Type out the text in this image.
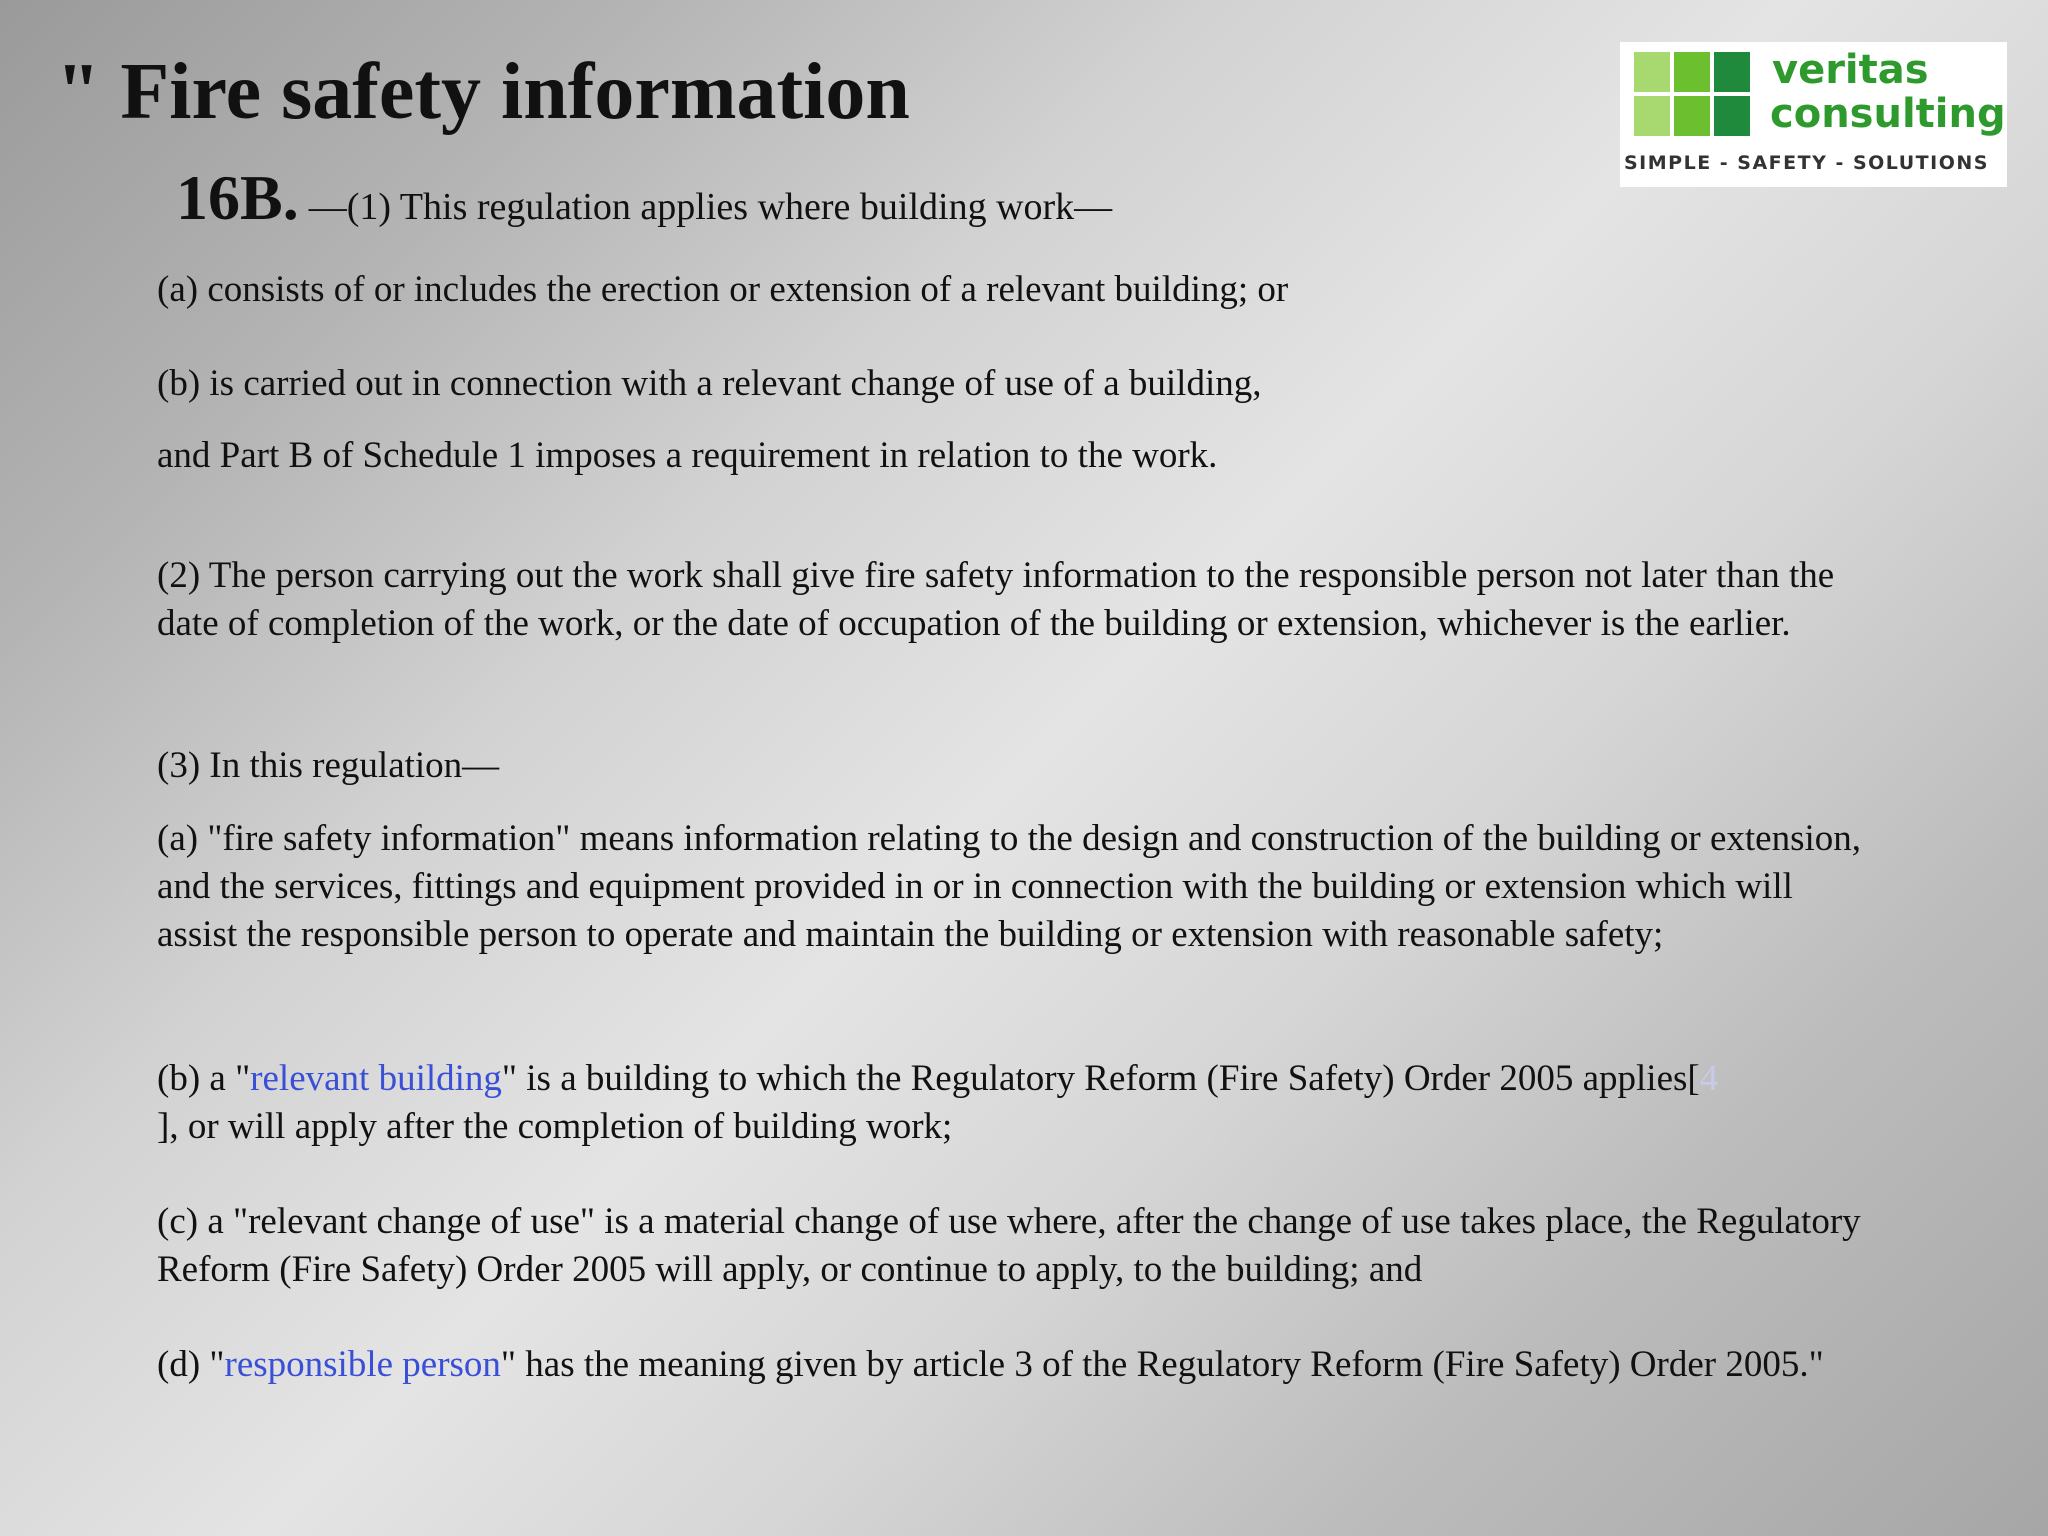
" Fire safety information
16B. —(1) This regulation applies where building work—

(a) consists of or includes the erection or extension of a relevant building; or

(b) is carried out in connection with a relevant change of use of a building,

and Part B of Schedule 1 imposes a requirement in relation to the work.

(2) The person carrying out the work shall give fire safety information to the responsible person not later than the date of completion of the work, or the date of occupation of the building or extension, whichever is the earlier.

(3) In this regulation—

(a) "fire safety information" means information relating to the design and construction of the building or extension, and the services, fittings and equipment provided in or in connection with the building or extension which will assist the responsible person to operate and maintain the building or extension with reasonable safety;

(b) a "relevant building" is a building to which the Regulatory Reform (Fire Safety) Order 2005 applies[4
], or will apply after the completion of building work;

(c) a "relevant change of use" is a material change of use where, after the change of use takes place, the Regulatory Reform (Fire Safety) Order 2005 will apply, or continue to apply, to the building; and

(d) "responsible person" has the meaning given by article 3 of the Regulatory Reform (Fire Safety) Order 2005."

veritas
consulting
SIMPLE - SAFETY - SOLUTIONS
